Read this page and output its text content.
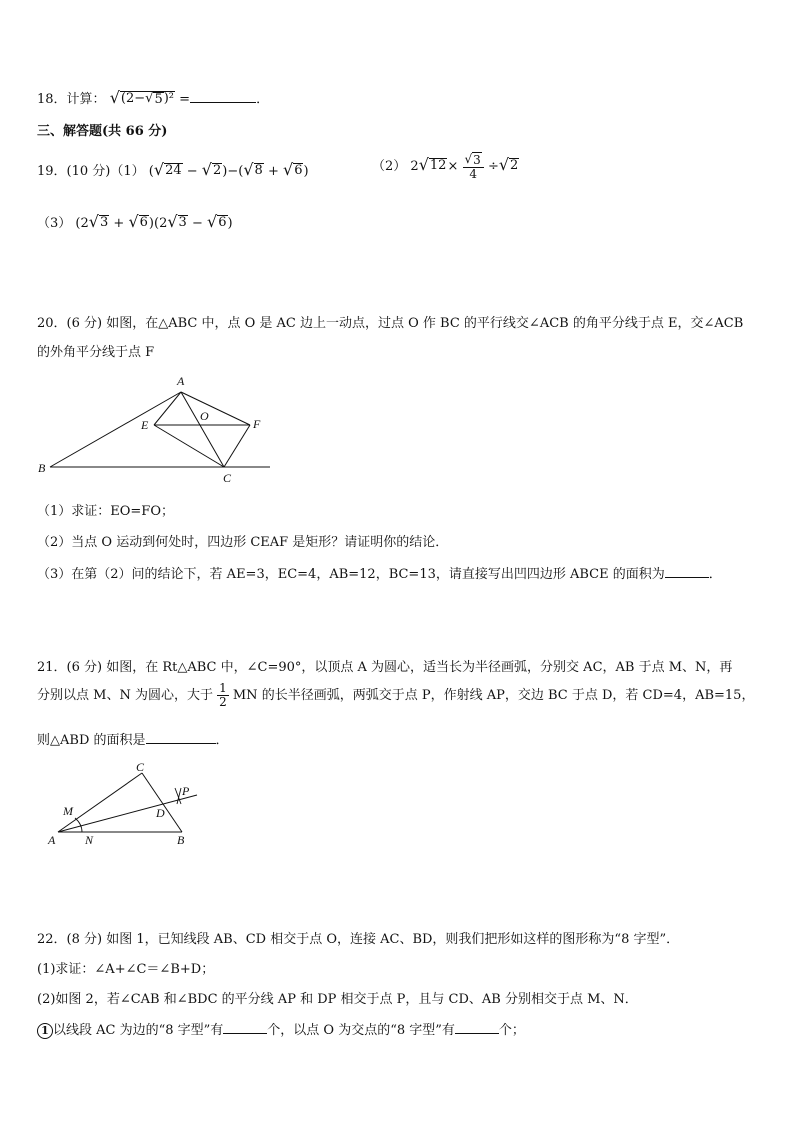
18．计算： √ (2− √ 5 )² =	．
三、解答题(共 66 分)
19．(10 分)（1） ( √ 24 − √ 2 )−( √ 8 + √ 6 )	（2） 2 √ $12 \times \frac{√ 3}{4}$ ÷ √ 2
（3） (2 √ 3 + √ 6 )(2 √ 3 − √ 6 )
20．(6 分) 如图，在△ABC 中，点 O 是 AC 边上一动点，过点 O 作 BC 的平行线交∠ACB 的角平分线于点 E，交∠ACB
的外角平分线于点 F
A
O
E	F
B
C
（1）求证：EO=FO；
（2）当点 O 运动到何处时，四边形 CEAF 是矩形？请证明你的结论．
（3）在第（2）问的结论下，若 AE=3，EC=4，AB=12，BC=13，请直接写出凹四边形 ABCE 的面积为	．
21．(6 分) 如图，在 Rt△ABC 中，∠C=90°，以顶点 A 为圆心，适当长为半径画弧，分别交 AC，AB 于点 M、N，再
分别以点 M、N 为圆心，大于 $\frac{1}{2}$ MN 的长半径画弧，两弧交于点 P，作射线 AP，交边 BC 于点 D，若 CD=4，AB=15，
则△ABD 的面积是	．
C
P
M	D
A N	B
22．(8 分) 如图 1，已知线段 AB、CD 相交于点 O，连接 AC、BD，则我们把形如这样的图形称为“8 字型”．
(1)求证：∠A+∠C＝∠B+D；
(2)如图 2，若∠CAB 和∠BDC 的平分线 AP 和 DP 相交于点 P，且与 CD、AB 分别相交于点 M、N．
1 以线段 AC 为边的“8 字型”有	个，以点 O 为交点的“8 字型”有	个；
